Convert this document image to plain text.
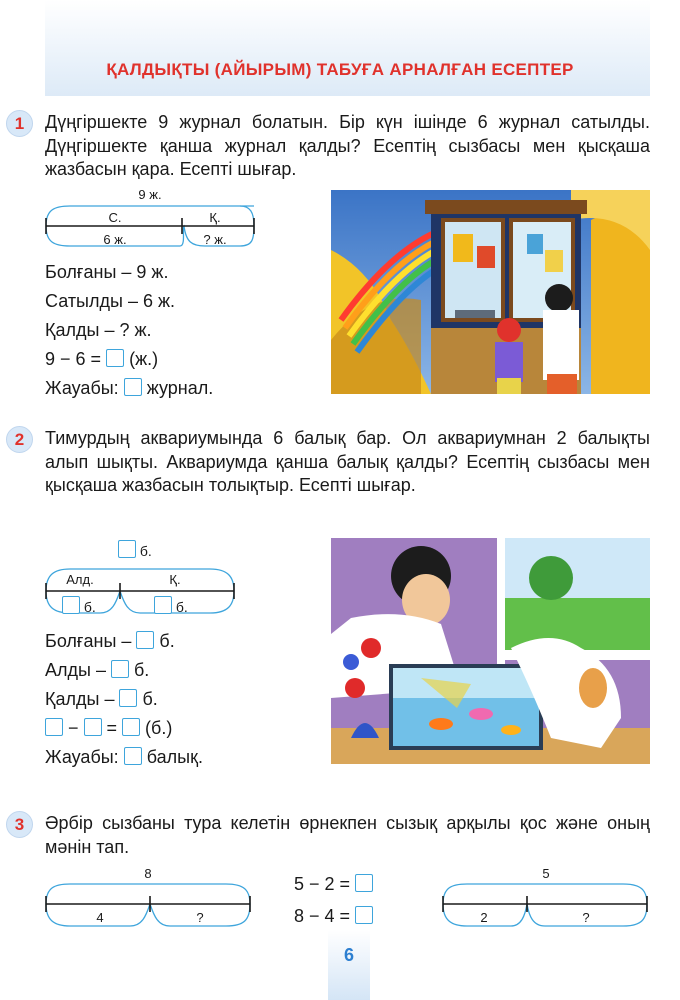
ҚАЛДЫҚТЫ (АЙЫРЫМ) ТАБУҒА АРНАЛҒАН ЕСЕПТЕР
1	Дүңгіршекте 9 журнал болатын. Бір күн ішінде 6 журнал сатылды. Дүңгіршекте қанша журнал қалды? Есептің сызбасы мен қысқаша жазбасын қара. Есепті шығар.
9 ж.
С.	Қ.
6 ж.	? ж.
Болғаны – 9 ж.
Сатылды – 6 ж.
Қалды – ? ж.
9 − 6 = (ж.)
Жауабы: журнал.
2	Тимурдың аквариумында 6 балық бар. Ол аквариумнан 2 балықты алып шықты. Аквариумда қанша балық қалды? Есептің сызбасы мен қысқаша жазбасын толықтыр. Есепті шығар.
б.
Алд.	Қ.
б.	б.
Болғаны –  б.
Алды –  б.
Қалды –  б.
−  =  (б.)
Жауабы: балық.
3	Әрбір сызбаны тура келетін өрнекпен сызық арқылы қос және оның мәнін тап.
8
4	?
5 − 2 =
8 − 4 =
5
2	?
6
